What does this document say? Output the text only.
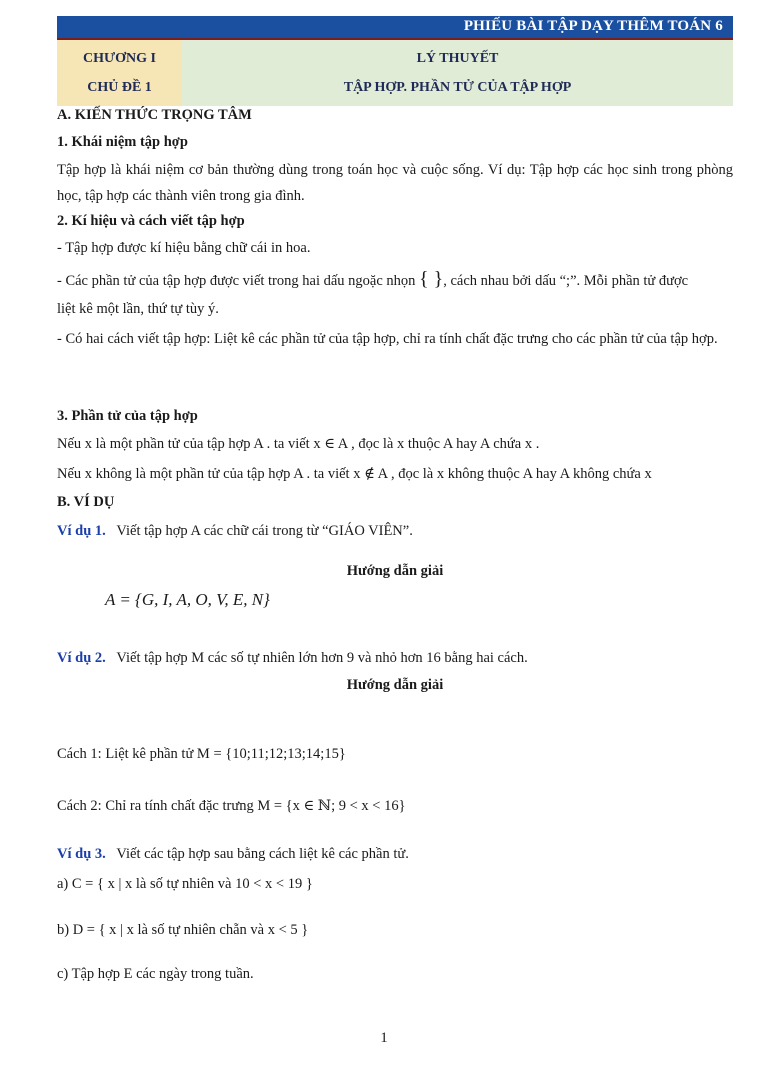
PHIẾU BÀI TẬP DẠY THÊM TOÁN 6
CHƯƠNG I
CHỦ ĐỀ 1
LÝ THUYẾT
TẬP HỢP. PHẦN TỬ CỦA TẬP HỢP
A. KIẾN THỨC TRỌNG TÂM
1. Khái niệm tập hợp
Tập hợp là khái niệm cơ bản thường dùng trong toán học và cuộc sống. Ví dụ: Tập hợp các học sinh trong phòng học, tập hợp các thành viên trong gia đình.
2. Kí hiệu và cách viết tập hợp
- Tập hợp được kí hiệu bằng chữ cái in hoa.
- Các phần tử của tập hợp được viết trong hai dấu ngoặc nhọn { }, cách nhau bởi dấu “;”. Mỗi phần tử được
liệt kê một lần, thứ tự tùy ý.
- Có hai cách viết tập hợp: Liệt kê các phần tử của tập hợp, chỉ ra tính chất đặc trưng cho các phần tử của tập hợp.
3. Phần tử của tập hợp
Nếu x là một phần tử của tập hợp A . ta viết x ∈ A , đọc là x thuộc A hay A chứa x .
Nếu x không là một phần tử của tập hợp A . ta viết x ∉ A , đọc là x không thuộc A hay A không chứa x
B. VÍ DỤ
Ví dụ 1. Viết tập hợp A các chữ cái trong từ “GIÁO VIÊN”.
Hướng dẫn giải
A = {G, I, A, O, V, E, N}
Ví dụ 2. Viết tập hợp M các số tự nhiên lớn hơn 9 và nhỏ hơn 16 bằng hai cách.
Hướng dẫn giải
Cách 1: Liệt kê phần tử M = {10;11;12;13;14;15}
Cách 2: Chỉ ra tính chất đặc trưng M = {x ∈ ℕ; 9 < x < 16}
Ví dụ 3. Viết các tập hợp sau bằng cách liệt kê các phần tử.
a) C = { x | x là số tự nhiên và 10 < x < 19 }
b) D = { x | x là số tự nhiên chẵn và x < 5 }
c) Tập hợp E các ngày trong tuần.
1
